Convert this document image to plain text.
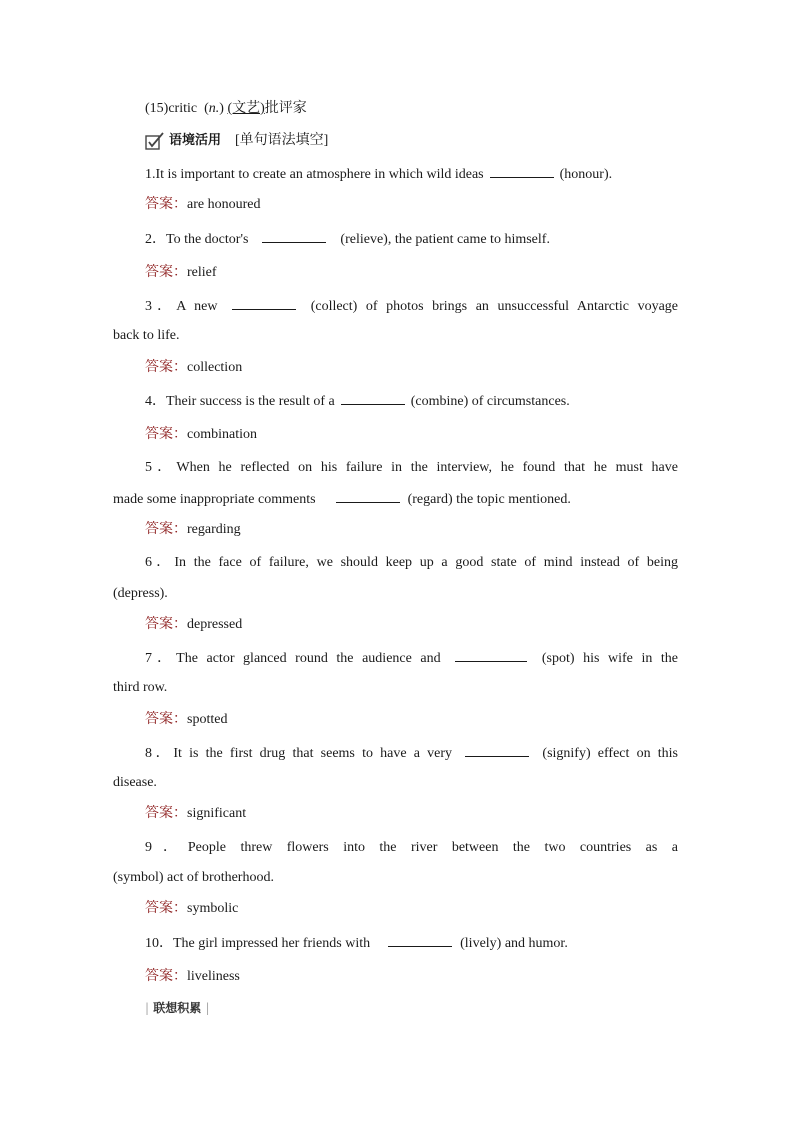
(15)critic (n.) (文艺)批评家
语境活用 [单句语法填空]
1.It is important to create an atmosphere in which wild ideas	(honour).
答案：are honoured
2．To the doctor's	(relieve), the patient came to himself.
答案：relief
3．A new	(collect) of photos brings an unsuccessful Antarctic voyage
back to life.
答案：collection
4．Their success is the result of a	(combine) of circumstances.
答案：combination
5．When he reflected on his failure in the interview, he found that he must have
made some inappropriate comments	(regard) the topic mentioned.
答案：regarding
6．In the face of failure, we should keep up a good state of mind instead of being
(depress).
答案：depressed
7．The actor glanced round the audience and	(spot) his wife in the
third row.
答案：spotted
8．It is the first drug that seems to have a very	(signify) effect on this
disease.
答案：significant
9．People threw flowers into the river between the two countries as a
(symbol) act of brotherhood.
答案：symbolic
10．The girl impressed her friends with	(lively) and humor.
答案：liveliness
| 联想积累 |
